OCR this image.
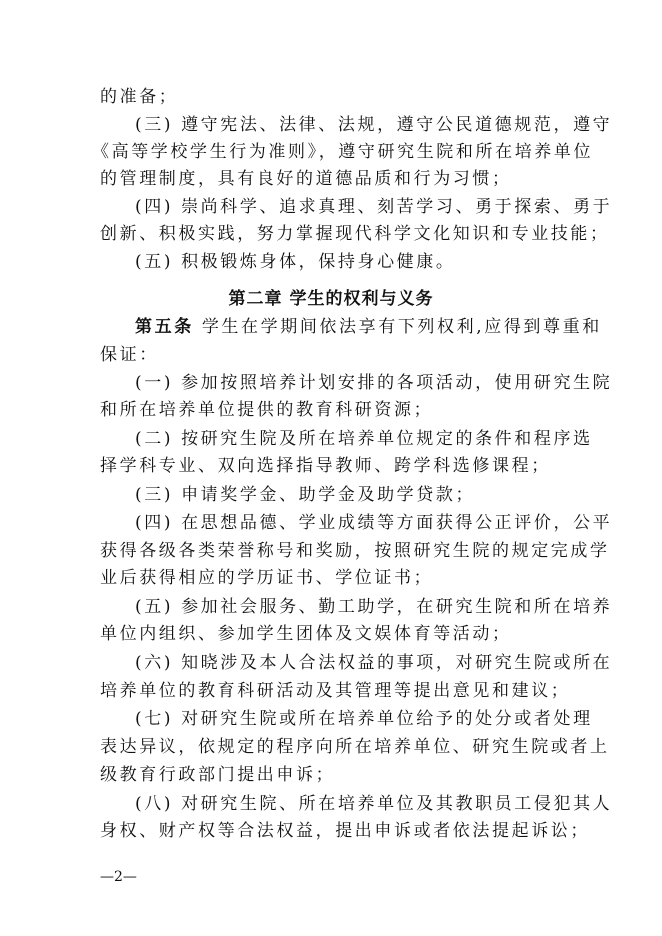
的准备；
(三) 遵守宪法、法律、法规，遵守公民道德规范，遵守
《高等学校学生行为准则》，遵守研究生院和所在培养单位
的管理制度，具有良好的道德品质和行为习惯；
(四) 崇尚科学、追求真理、刻苦学习、勇于探索、勇于
创新、积极实践，努力掌握现代科学文化知识和专业技能；
(五) 积极锻炼身体，保持身心健康。
第二章 学生的权利与义务
第五条 学生在学期间依法享有下列权利,应得到尊重和
保证：
(一) 参加按照培养计划安排的各项活动，使用研究生院
和所在培养单位提供的教育科研资源；
(二) 按研究生院及所在培养单位规定的条件和程序选
择学科专业、双向选择指导教师、跨学科选修课程；
(三) 申请奖学金、助学金及助学贷款；
(四) 在思想品德、学业成绩等方面获得公正评价，公平
获得各级各类荣誉称号和奖励，按照研究生院的规定完成学
业后获得相应的学历证书、学位证书；
(五) 参加社会服务、勤工助学，在研究生院和所在培养
单位内组织、参加学生团体及文娱体育等活动；
(六) 知晓涉及本人合法权益的事项，对研究生院或所在
培养单位的教育科研活动及其管理等提出意见和建议；
(七) 对研究生院或所在培养单位给予的处分或者处理
表达异议，依规定的程序向所在培养单位、研究生院或者上
级教育行政部门提出申诉；
(八) 对研究生院、所在培养单位及其教职员工侵犯其人
身权、财产权等合法权益，提出申诉或者依法提起诉讼；
—2—
